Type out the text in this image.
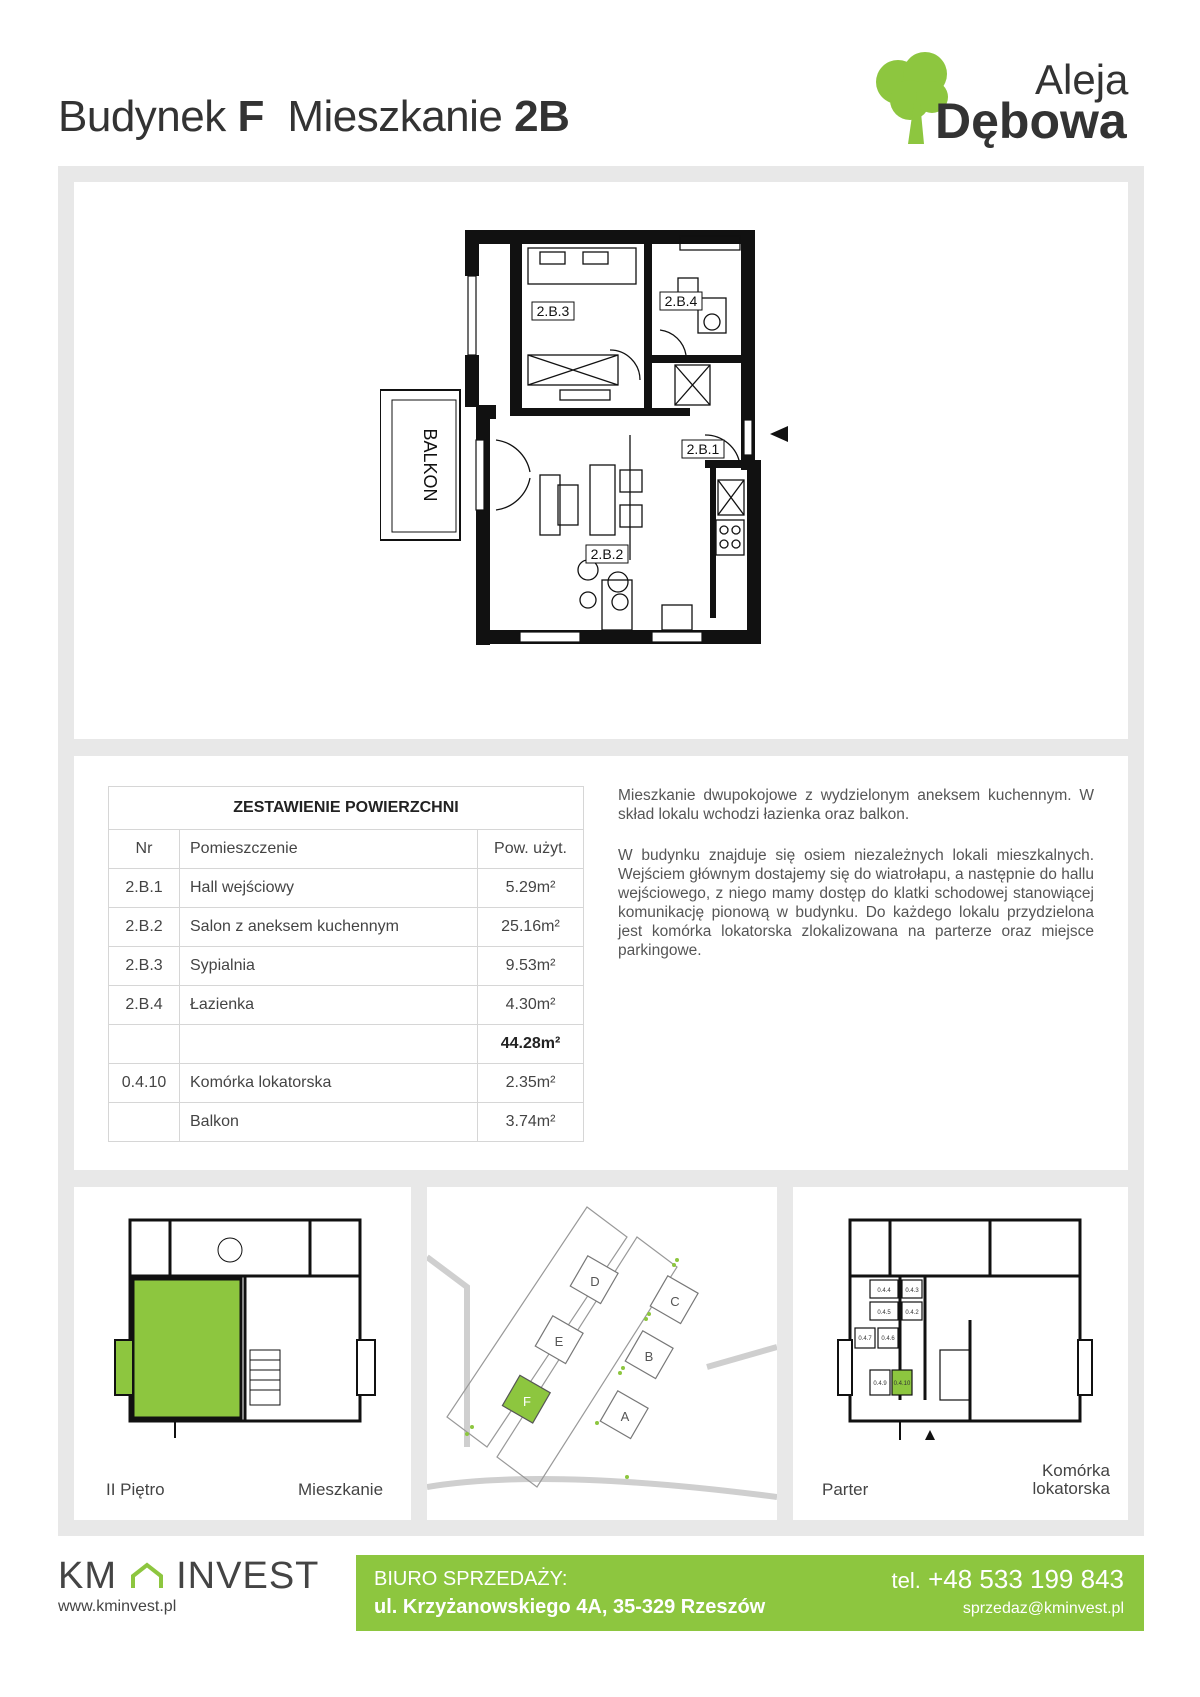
Budynek F Mieszkanie 2B
Aleja
Dębowa
BALKON
2.B.3
2.B.4
2.B.1
2.B.2
ZESTAWIENIE POWIERZCHNI		
Nr	Pomieszczenie	Pow. użyt.
2.B.1	Hall wejściowy	5.29m²
2.B.2	Salon z aneksem kuchennym	25.16m²
2.B.3	Sypialnia	9.53m²
2.B.4	Łazienka	4.30m²
		44.28m²
0.4.10	Komórka lokatorska	2.35m²
	Balkon	3.74m²
Mieszkanie dwupokojowe z wydzielonym aneksem kuchennym. W skład lokalu wchodzi łazienka oraz balkon.
W budynku znajduje się osiem niezależnych lokali mieszkalnych. Wejściem głównym dostajemy się do wiatrołapu, a następnie do hallu wejściowego, z niego mamy dostęp do klatki schodowej stanowiącej komunikację pionową w budynku. Do każdego lokalu przydzielona jest komórka lokatorska zlokalizowana na parterze oraz miejsce parkingowe.
II Piętro	Mieszkanie
A
B
C
D
E
F
0.4.4 0.4.3
0.4.5 0.4.2
0.4.7 0.4.6
0.4.9 0.4.10
Parter
Komórka
lokatorska
KM INVEST
www.kminvest.pl
BIURO SPRZEDAŻY:
ul. Krzyżanowskiego 4A, 35-329 Rzeszów
tel. +48 533 199 843
sprzedaz@kminvest.pl
